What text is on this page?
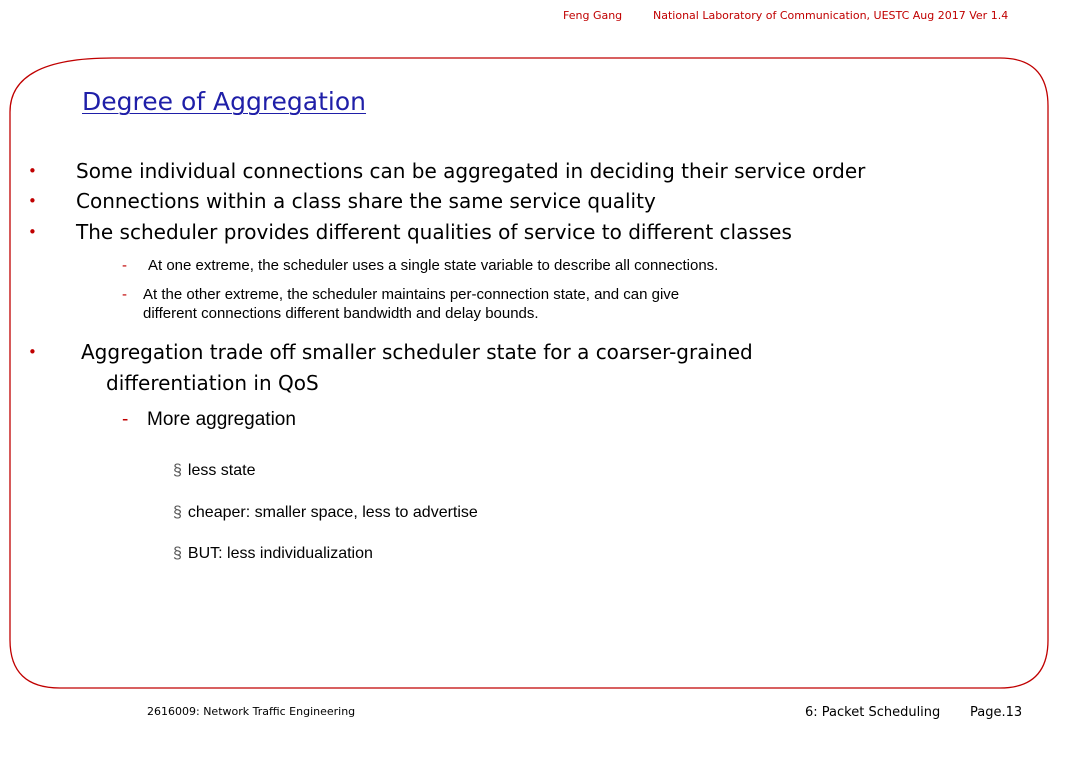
Feng Gang	National Laboratory of Communication, UESTC Aug 2017 Ver 1.4
Degree of Aggregation
• Some individual connections can be aggregated in deciding their service order
• Connections within a class share the same service quality
• The scheduler provides different qualities of service to different classes
- At one extreme, the scheduler uses a single state variable to describe all connections.
- At the other extreme, the scheduler maintains per-connection state, and can give
different connections different bandwidth and delay bounds.
• Aggregation trade off smaller scheduler state for a coarser-grained
differentiation in QoS
- More aggregation
§ less state
§ cheaper: smaller space, less to advertise
§ BUT: less individualization
2616009: Network Traffic Engineering	6: Packet Scheduling Page.13
